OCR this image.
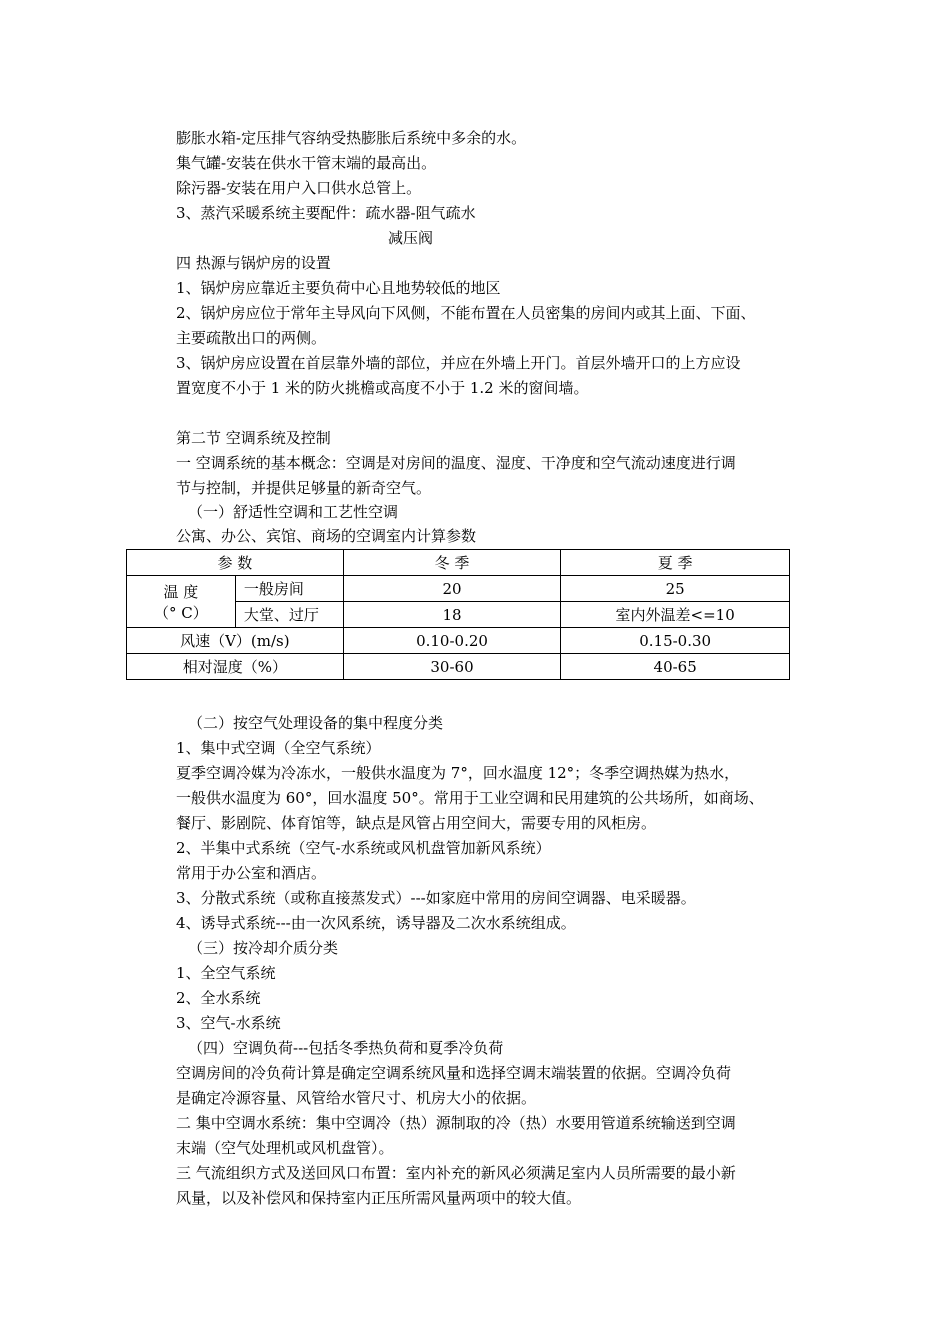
膨胀水箱-定压排气容纳受热膨胀后系统中多余的水。
集气罐-安装在供水干管末端的最高出。
除污器-安装在用户入口供水总管上。
3、蒸汽采暖系统主要配件：疏水器-阻气疏水
减压阀
四 热源与锅炉房的设置
1、锅炉房应靠近主要负荷中心且地势较低的地区
2、锅炉房应位于常年主导风向下风侧，不能布置在人员密集的房间内或其上面、下面、
主要疏散出口的两侧。
3、锅炉房应设置在首层靠外墙的部位，并应在外墙上开门。首层外墙开口的上方应设
置宽度不小于 1 米的防火挑檐或高度不小于 1.2 米的窗间墙。
第二节 空调系统及控制
一 空调系统的基本概念：空调是对房间的温度、湿度、干净度和空气流动速度进行调
节与控制，并提供足够量的新奇空气。
（一）舒适性空调和工艺性空调
公寓、办公、宾馆、商场的空调室内计算参数
参 数		冬 季	夏 季

温 度
（° C）	一般房间	20	25
	大堂、过厅	18	室内外温差<=10
风速（V）(m/s)		0.10-0.20	0.15-0.30
相对湿度（%）		30-60	40-65
（二）按空气处理设备的集中程度分类
1、集中式空调（全空气系统）
夏季空调冷媒为冷冻水，一般供水温度为 7°，回水温度 12°；冬季空调热媒为热水，
一般供水温度为 60°，回水温度 50°。常用于工业空调和民用建筑的公共场所，如商场、
餐厅、影剧院、体育馆等，缺点是风管占用空间大，需要专用的风柜房。
2、半集中式系统（空气-水系统或风机盘管加新风系统）
常用于办公室和酒店。
3、分散式系统（或称直接蒸发式）---如家庭中常用的房间空调器、电采暖器。
4、诱导式系统---由一次风系统，诱导器及二次水系统组成。
（三）按冷却介质分类
1、全空气系统
2、全水系统
3、空气-水系统
（四）空调负荷---包括冬季热负荷和夏季冷负荷
空调房间的冷负荷计算是确定空调系统风量和选择空调末端装置的依据。空调冷负荷
是确定冷源容量、风管给水管尺寸、机房大小的依据。
二 集中空调水系统：集中空调冷（热）源制取的冷（热）水要用管道系统输送到空调
末端（空气处理机或风机盘管）。
三 气流组织方式及送回风口布置：室内补充的新风必须满足室内人员所需要的最小新
风量，以及补偿风和保持室内正压所需风量两项中的较大值。
